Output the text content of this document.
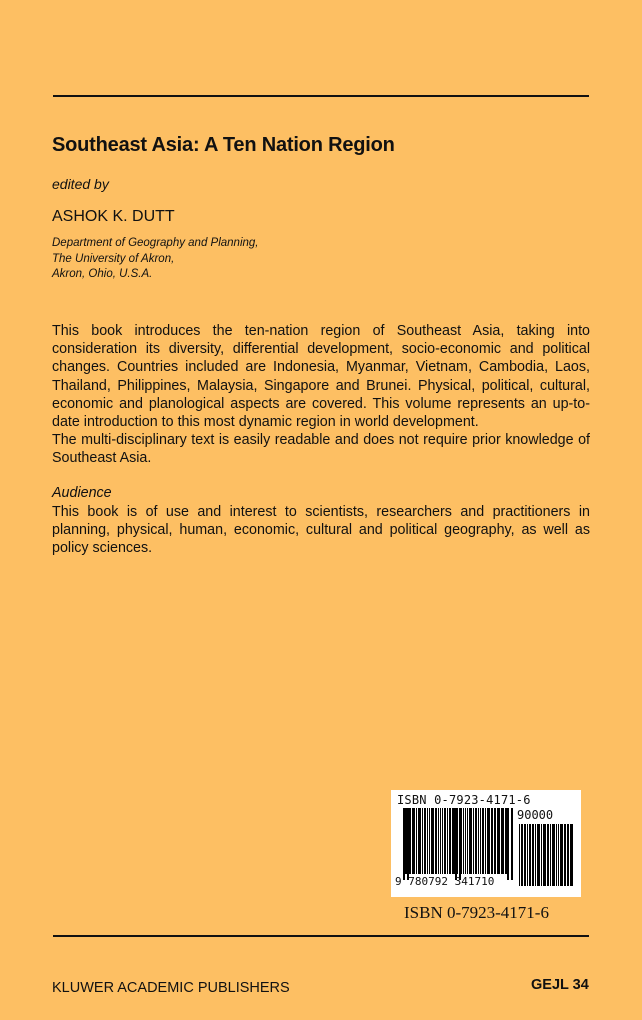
Southeast Asia: A Ten Nation Region
edited by
ASHOK K. DUTT
Department of Geography and Planning,
The University of Akron,
Akron, Ohio, U.S.A.

This book introduces the ten-nation region of Southeast Asia, taking into consideration its diversity, differential development, socio-economic and political changes. Countries included are Indonesia, Myanmar, Vietnam, Cambodia, Laos, Thailand, Philippines, Malaysia, Singapore and Brunei. Physical, political, cultural, economic and planological aspects are covered. This volume represents an up-to-date introduction to this most dynamic region in world development.

The multi-disciplinary text is easily readable and does not require prior knowledge of Southeast Asia.

Audience

This book is of use and interest to scientists, researchers and practitioners in planning, physical, human, economic, cultural and political geography, as well as policy sciences.

ISBN 0-7923-4171-6
90000
9 780792 341710
ISBN 0-7923-4171-6
KLUWER ACADEMIC PUBLISHERS	GEJL 34
